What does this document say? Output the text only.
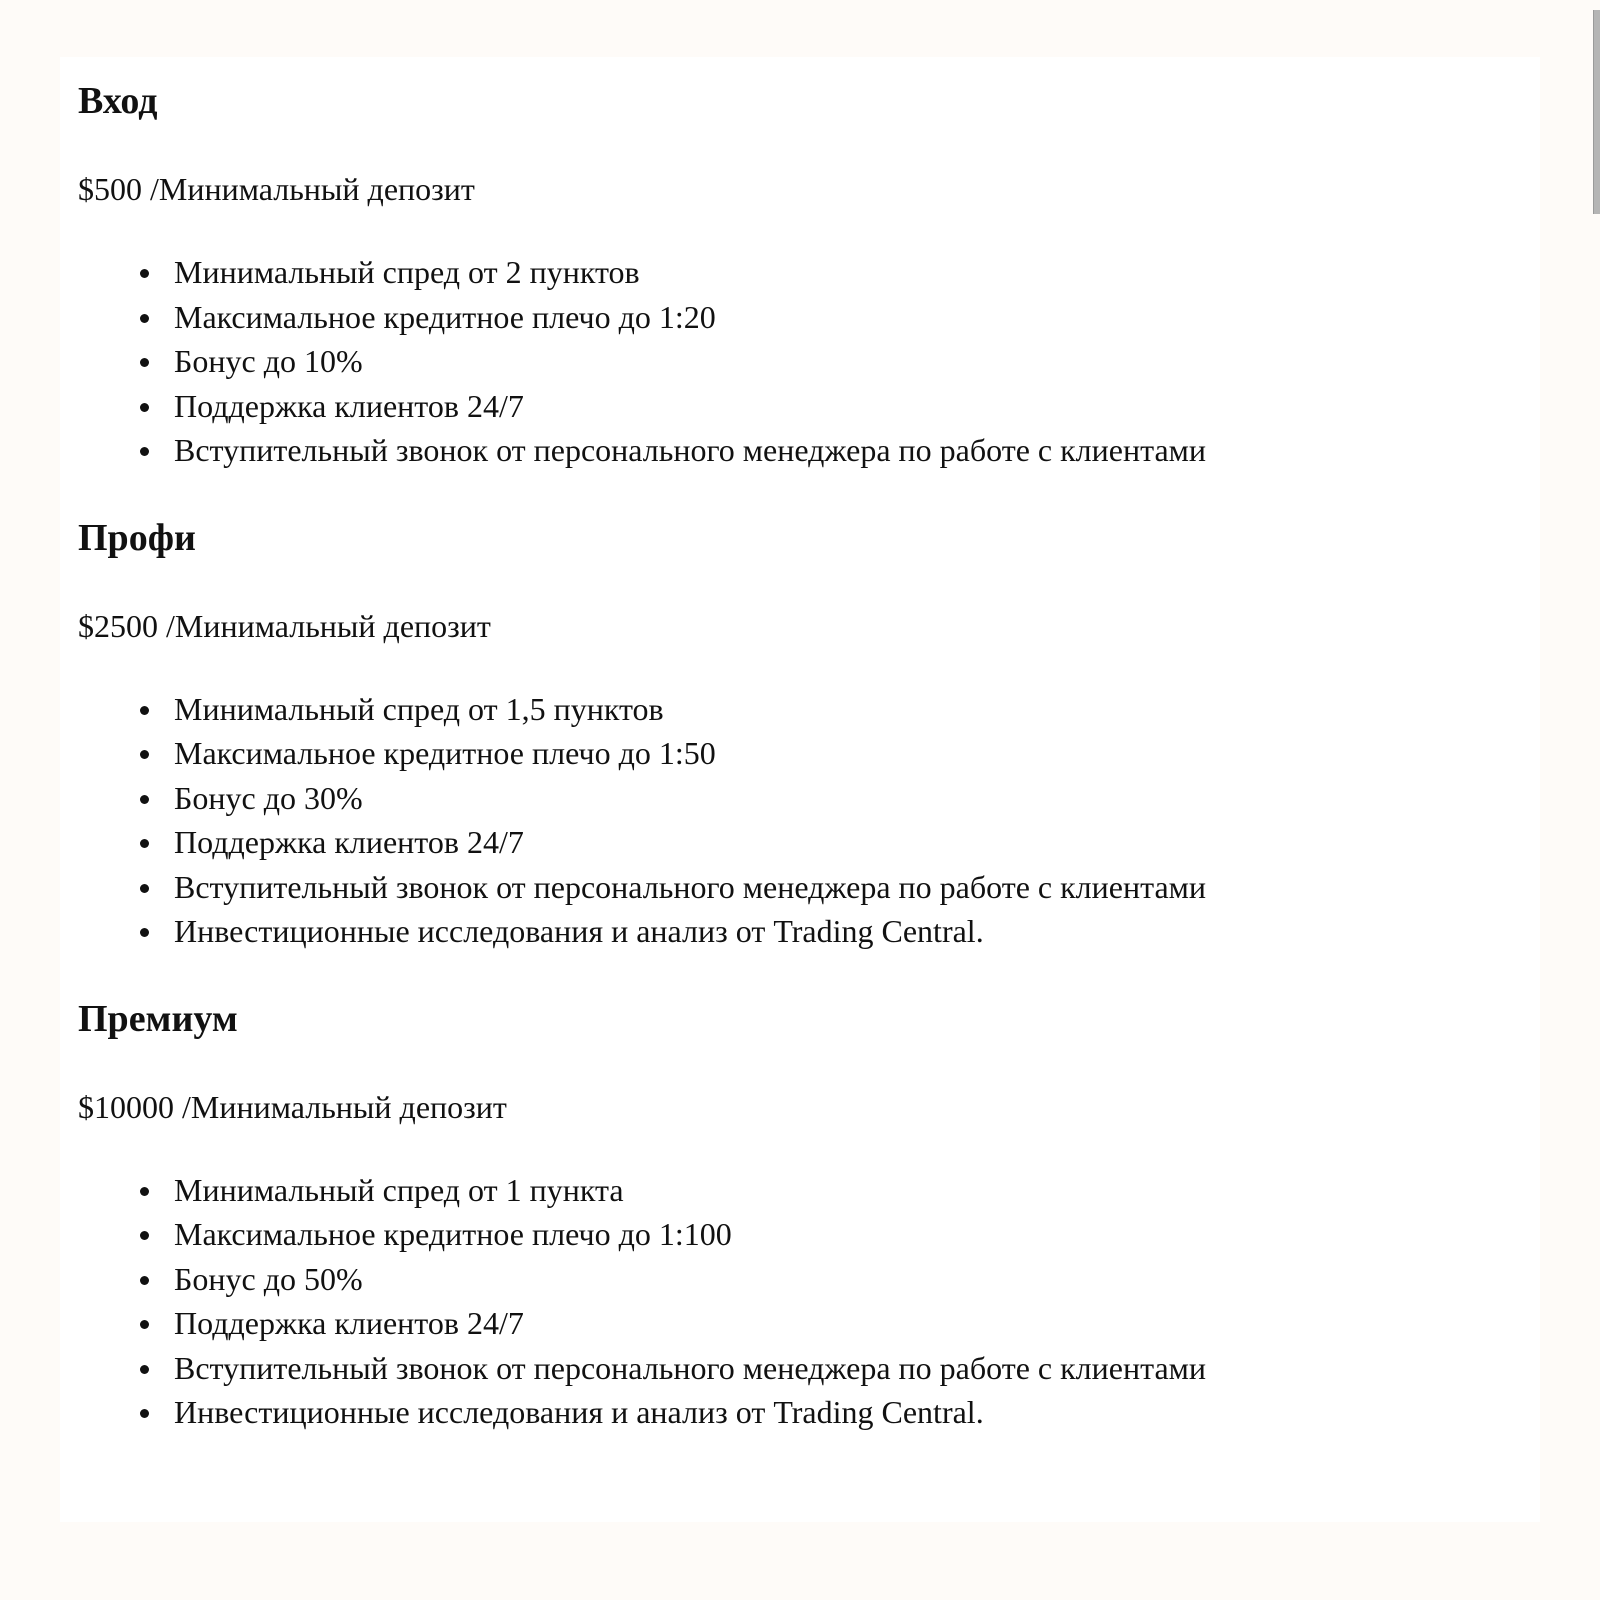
Вход

$500 /Минимальный депозит

Минимальный спред от 2 пунктов
Максимальное кредитное плечо до 1:20
Бонус до 10%
Поддержка клиентов 24/7
Вступительный звонок от персонального менеджера по работе с клиентами
Профи

$2500 /Минимальный депозит

Минимальный спред от 1,5 пунктов
Максимальное кредитное плечо до 1:50
Бонус до 30%
Поддержка клиентов 24/7
Вступительный звонок от персонального менеджера по работе с клиентами
Инвестиционные исследования и анализ от Trading Central.
Премиум

$10000 /Минимальный депозит

Минимальный спред от 1 пункта
Максимальное кредитное плечо до 1:100
Бонус до 50%
Поддержка клиентов 24/7
Вступительный звонок от персонального менеджера по работе с клиентами
Инвестиционные исследования и анализ от Trading Central.
